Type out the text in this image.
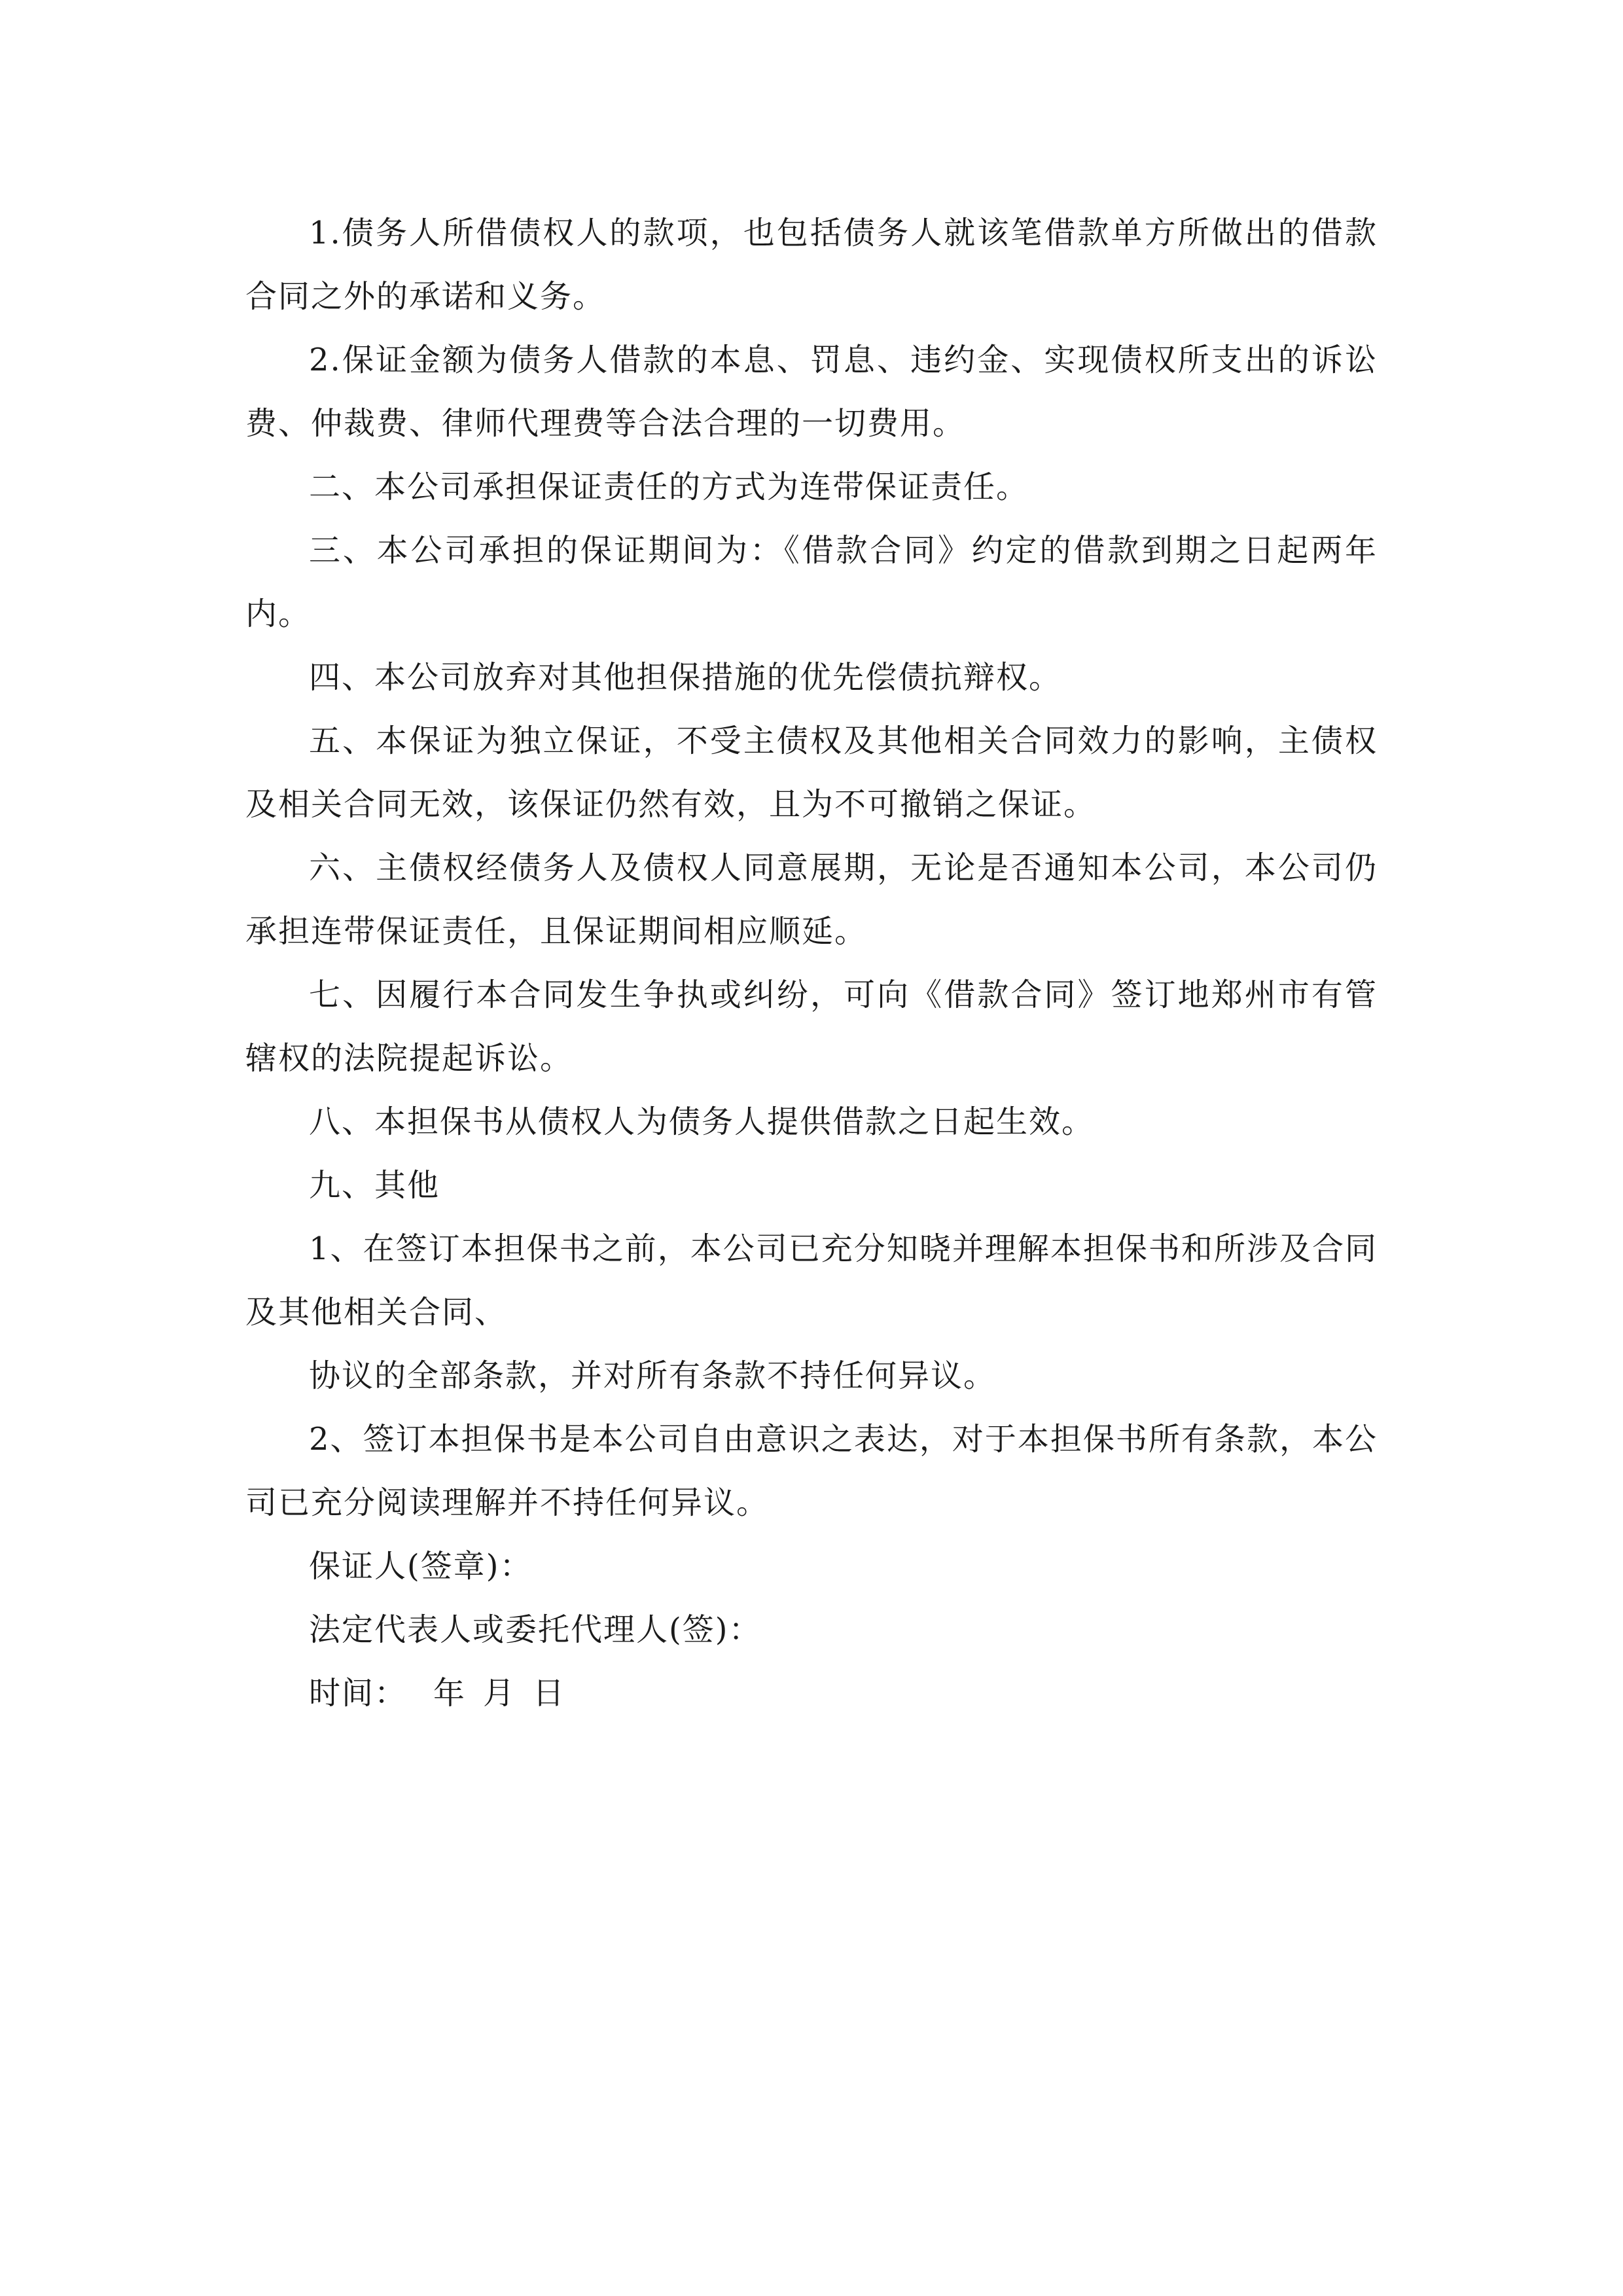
1.债务人所借债权人的款项，也包括债务人就该笔借款单方所做出的借款合同之外的承诺和义务。

2.保证金额为债务人借款的本息、罚息、违约金、实现债权所支出的诉讼费、仲裁费、律师代理费等合法合理的一切费用。

二、本公司承担保证责任的方式为连带保证责任。

三、本公司承担的保证期间为：《借款合同》约定的借款到期之日起两年内。

四、本公司放弃对其他担保措施的优先偿债抗辩权。

五、本保证为独立保证，不受主债权及其他相关合同效力的影响，主债权及相关合同无效，该保证仍然有效，且为不可撤销之保证。

六、主债权经债务人及债权人同意展期，无论是否通知本公司，本公司仍承担连带保证责任，且保证期间相应顺延。

七、因履行本合同发生争执或纠纷，可向《借款合同》签订地郑州市有管辖权的法院提起诉讼。

八、本担保书从债权人为债务人提供借款之日起生效。

九、其他

1、在签订本担保书之前，本公司已充分知晓并理解本担保书和所涉及合同及其他相关合同、

协议的全部条款，并对所有条款不持任何异议。

2、签订本担保书是本公司自由意识之表达，对于本担保书所有条款，本公司已充分阅读理解并不持任何异议。

保证人(签章)：

法定代表人或委托代理人(签)：

时间： 年 月 日
